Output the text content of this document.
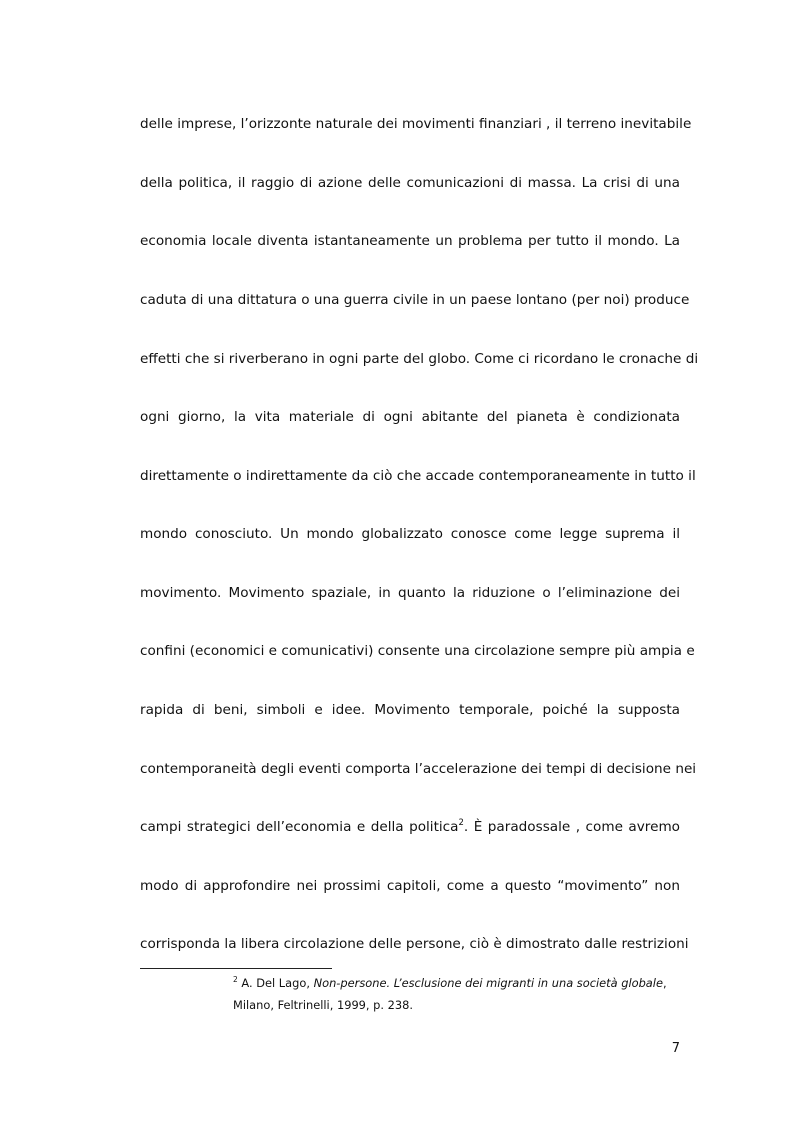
delle imprese, l’orizzonte naturale dei movimenti finanziari , il terreno inevitabile
della politica, il raggio di azione delle comunicazioni di massa. La crisi di una
economia locale diventa istantaneamente un problema per tutto il mondo. La
caduta di una dittatura o una guerra civile in un paese lontano (per noi) produce
effetti che si riverberano in ogni parte del globo. Come ci ricordano le cronache di
ogni giorno, la vita materiale di ogni abitante del pianeta è condizionata
direttamente o indirettamente da ciò che accade contemporaneamente in tutto il
mondo conosciuto. Un mondo globalizzato conosce come legge suprema il
movimento. Movimento spaziale, in quanto la riduzione o l’eliminazione dei
confini (economici e comunicativi) consente una circolazione sempre più ampia e
rapida di beni, simboli e idee. Movimento temporale, poiché la supposta
contemporaneità degli eventi comporta l’accelerazione dei tempi di decisione nei
campi strategici dell’economia e della politica$^2$. È paradossale , come avremo
modo di approfondire nei prossimi capitoli, come a questo “movimento” non
corrisponda la libera circolazione delle persone, ciò è dimostrato dalle restrizioni
$^2$ A. Del Lago, Non-persone. L’esclusione dei migranti in una società globale,
Milano, Feltrinelli, 1999, p. 238.
7
